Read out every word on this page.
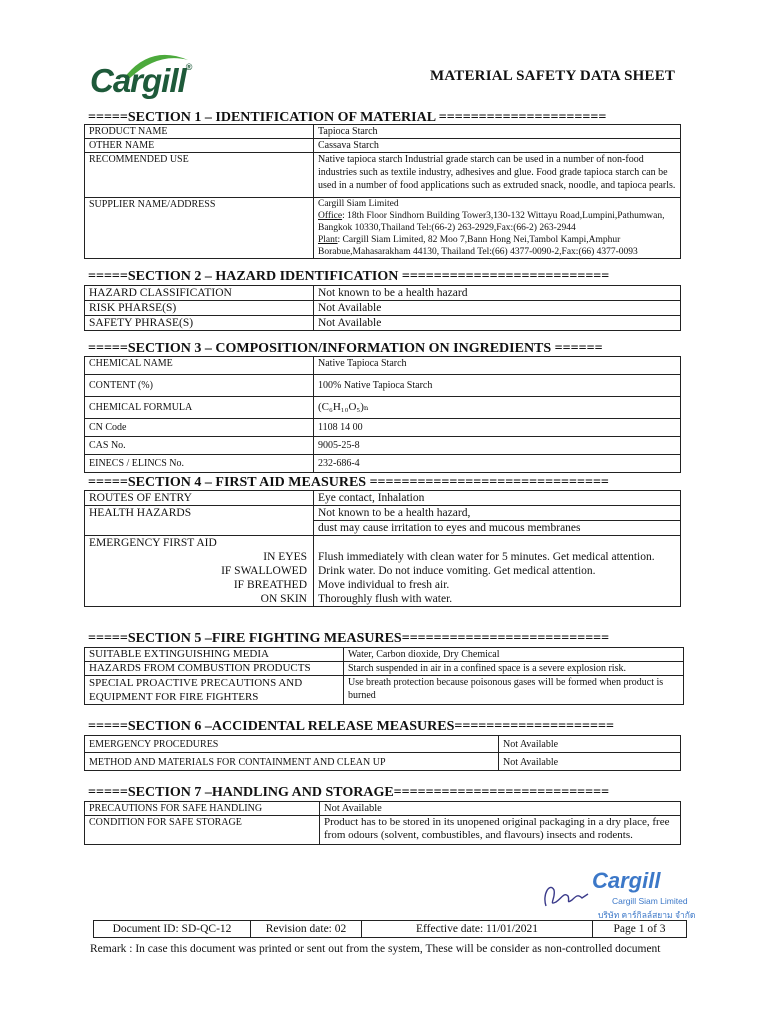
Cargill®
MATERIAL SAFETY DATA SHEET
=====SECTION 1 – IDENTIFICATION OF MATERIAL =====================
PRODUCT NAME	Tapioca Starch
OTHER NAME	Cassava Starch
RECOMMENDED USE	Native tapioca starch Industrial grade starch can be used in a number of non-food industries such as textile industry, adhesives and glue. Food grade tapioca starch can be used in a number of food applications such as extruded snack, noodle, and tapioca pearls.
SUPPLIER NAME/ADDRESS	Cargill Siam Limited
Office: 18th Floor Sindhorn Building Tower3,130-132 Wittayu Road,Lumpini,Pathumwan, Bangkok 10330,Thailand Tel:(66-2) 263-2929,Fax:(66-2) 263-2944
Plant: Cargill Siam Limited, 82 Moo 7,Bann Hong Nei,Tambol Kampi,Amphur Borabue,Mahasarakham 44130, Thailand Tel:(66) 4377-0090-2,Fax:(66) 4377-0093
=====SECTION 2 – HAZARD IDENTIFICATION ==========================
HAZARD CLASSIFICATION	Not known to be a health hazard
RISK PHARSE(S)	Not Available
SAFETY PHRASE(S)	Not Available
=====SECTION 3 – COMPOSITION/INFORMATION ON INGREDIENTS ======
CHEMICAL NAME	Native Tapioca Starch
CONTENT (%)	100% Native Tapioca Starch
CHEMICAL FORMULA	(C₆H₁₀O₅)ₙ
CN Code	1108 14 00
CAS No.	9005-25-8
EINECS / ELINCS No.	232-686-4
=====SECTION 4 – FIRST AID MEASURES ==============================
ROUTES OF ENTRY	Eye contact, Inhalation
HEALTH HAZARDS	Not known to be a health hazard,
	dust may cause irritation to eyes and mucous membranes
EMERGENCY FIRST AID	
IN EYES	Flush immediately with clean water for 5 minutes. Get medical attention.
IF SWALLOWED	Drink water. Do not induce vomiting. Get medical attention.
IF BREATHED	Move individual to fresh air.
ON SKIN	Thoroughly flush with water.
=====SECTION 5 –FIRE FIGHTING MEASURES==========================
SUITABLE EXTINGUISHING MEDIA	Water, Carbon dioxide, Dry Chemical
HAZARDS FROM COMBUSTION PRODUCTS	Starch suspended in air in a confined space is a severe explosion risk.
SPECIAL PROACTIVE PRECAUTIONS AND EQUIPMENT FOR FIRE FIGHTERS	Use breath protection because poisonous gases will be formed when product is burned
=====SECTION 6 –ACCIDENTAL RELEASE MEASURES====================
EMERGENCY PROCEDURES	Not Available
METHOD AND MATERIALS FOR CONTAINMENT AND CLEAN UP	Not Available
=====SECTION 7 –HANDLING AND STORAGE===========================
PRECAUTIONS FOR SAFE HANDLING	Not Available
CONDITION FOR SAFE STORAGE	Product has to be stored in its unopened original packaging in a dry place, free from odours (solvent, combustibles, and flavours) insects and rodents.
Cargill
Cargill Siam Limited
บริษัท คาร์กิลล์สยาม จำกัด
Document ID: SD-QC-12	Revision date: 02	Effective date: 11/01/2021	Page 1 of 3
Remark : In case this document was printed or sent out from the system, These will be consider as non-controlled document
